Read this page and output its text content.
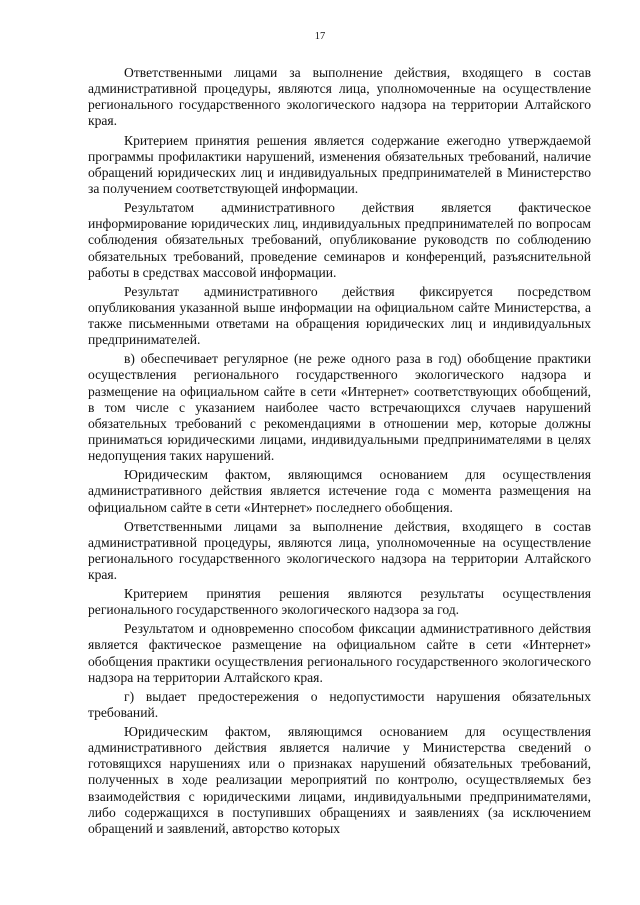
17

Ответственными лицами за выполнение действия, входящего в состав административной процедуры, являются лица, уполномоченные на осуществление регионального государственного экологического надзора на территории Алтайского края.

Критерием принятия решения является содержание ежегодно утверждаемой программы профилактики нарушений, изменения обязательных требований, наличие обращений юридических лиц и индивидуальных предпринимателей в Министерство за получением соответствующей информации.

Результатом административного действия является фактическое информирование юридических лиц, индивидуальных предпринимателей по вопросам соблюдения обязательных требований, опубликование руководств по соблюдению обязательных требований, проведение семинаров и конференций, разъяснительной работы в средствах массовой информации.

Результат административного действия фиксируется посредством опубликования указанной выше информации на официальном сайте Министерства, а также письменными ответами на обращения юридических лиц и индивидуальных предпринимателей.

в) обеспечивает регулярное (не реже одного раза в год) обобщение практики осуществления регионального государственного экологического надзора и размещение на официальном сайте в сети «Интернет» соответствующих обобщений, в том числе с указанием наиболее часто встречающихся случаев нарушений обязательных требований с рекомендациями в отношении мер, которые должны приниматься юридическими лицами, индивидуальными предпринимателями в целях недопущения таких нарушений.

Юридическим фактом, являющимся основанием для осуществления административного действия является истечение года с момента размещения на официальном сайте в сети «Интернет» последнего обобщения.

Ответственными лицами за выполнение действия, входящего в состав административной процедуры, являются лица, уполномоченные на осуществление регионального государственного экологического надзора на территории Алтайского края.

Критерием принятия решения являются результаты осуществления регионального государственного экологического надзора за год.

Результатом и одновременно способом фиксации административного действия является фактическое размещение на официальном сайте в сети «Интернет» обобщения практики осуществления регионального государственного экологического надзора на территории Алтайского края.

г) выдает предостережения о недопустимости нарушения обязательных требований.

Юридическим фактом, являющимся основанием для осуществления административного действия является наличие у Министерства сведений о готовящихся нарушениях или о признаках нарушений обязательных требований, полученных в ходе реализации мероприятий по контролю, осуществляемых без взаимодействия с юридическими лицами, индивидуальными предпринимателями, либо содержащихся в поступивших обращениях и заявлениях (за исключением обращений и заявлений, авторство которых
